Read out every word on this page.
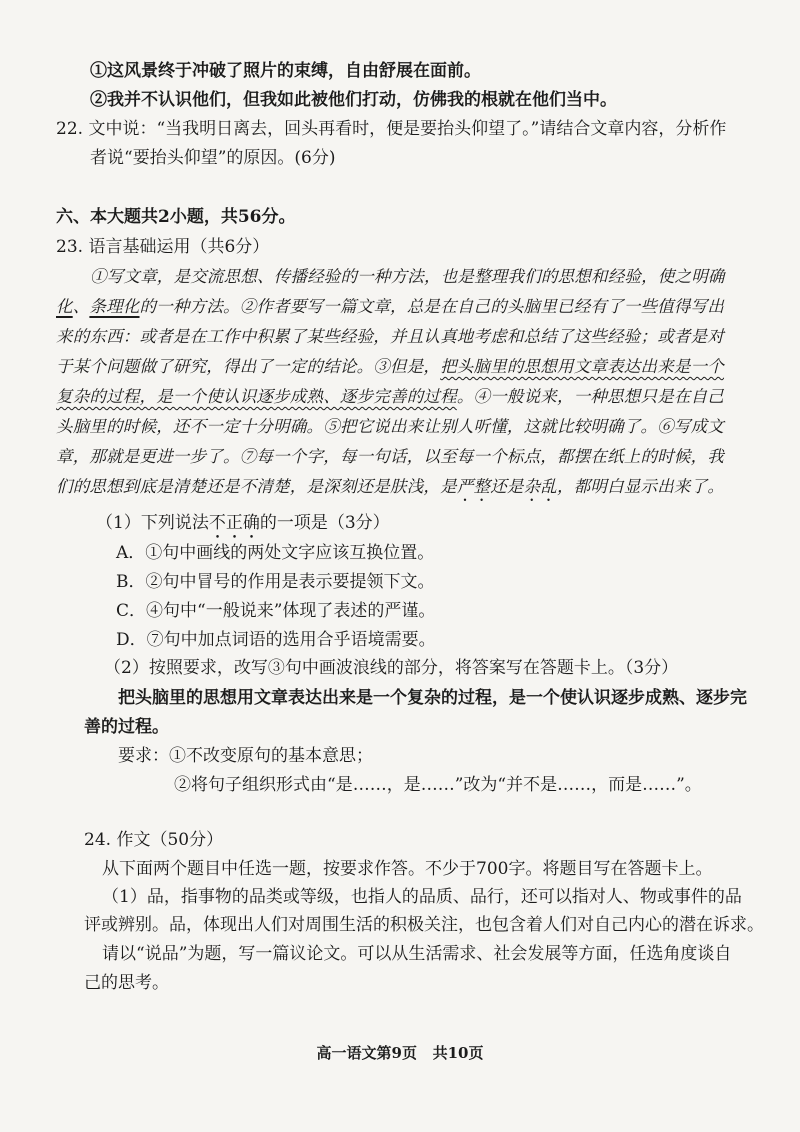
①这风景终于冲破了照片的束缚，自由舒展在面前。
②我并不认识他们，但我如此被他们打动，仿佛我的根就在他们当中。
22. 文中说：“当我明日离去，回头再看时，便是要抬头仰望了。”请结合文章内容，分析作
者说“要抬头仰望”的原因。(6分)
六、本大题共2小题，共56分。
23. 语言基础运用（共6分）
①写文章，是交流思想、传播经验的一种方法，也是整理我们的思想和经验，使之明确
化、条理化的一种方法。②作者要写一篇文章，总是在自己的头脑里已经有了一些值得写出
来的东西：或者是在工作中积累了某些经验，并且认真地考虑和总结了这些经验；或者是对
于某个问题做了研究，得出了一定的结论。③但是，把头脑里的思想用文章表达出来是一个
复杂的过程，是一个使认识逐步成熟、逐步完善的过程。④一般说来，一种思想只是在自己
头脑里的时候，还不一定十分明确。⑤把它说出来让别人听懂，这就比较明确了。⑥写成文
章，那就是更进一步了。⑦每一个字，每一句话，以至每一个标点，都摆在纸上的时候，我
们的思想到底是清楚还是不清楚，是深刻还是肤浅，是严整还是杂乱，都明白显示出来了。
（1）下列说法不正确的一项是（3分）
A．①句中画线的两处文字应该互换位置。
B．②句中冒号的作用是表示要提领下文。
C．④句中“一般说来”体现了表述的严谨。
D．⑦句中加点词语的选用合乎语境需要。
（2）按照要求，改写③句中画波浪线的部分，将答案写在答题卡上。（3分）
把头脑里的思想用文章表达出来是一个复杂的过程，是一个使认识逐步成熟、逐步完
善的过程。
要求：①不改变原句的基本意思；
②将句子组织形式由“是……，是……”改为“并不是……，而是……”。
24. 作文（50分）
从下面两个题目中任选一题，按要求作答。不少于700字。将题目写在答题卡上。
（1）品，指事物的品类或等级，也指人的品质、品行，还可以指对人、物或事件的品
评或辨别。品，体现出人们对周围生活的积极关注，也包含着人们对自己内心的潜在诉求。
请以“说品”为题，写一篇议论文。可以从生活需求、社会发展等方面，任选角度谈自
己的思考。
高一语文第9页   共10页
